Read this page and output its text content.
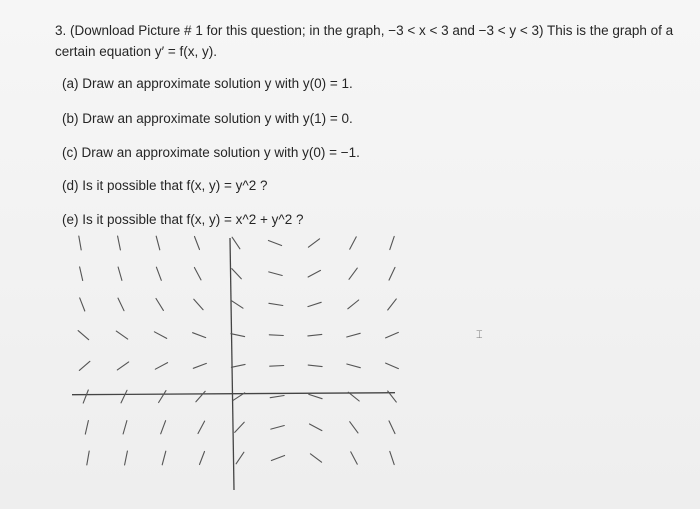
3. (Download Picture # 1 for this question; in the graph, −3 < x < 3 and −3 < y < 3) This is the graph of a
certain equation y′ = f(x, y).
(a) Draw an approximate solution y with y(0) = 1.
(b) Draw an approximate solution y with y(1) = 0.
(c) Draw an approximate solution y with y(0) = −1.
(d) Is it possible that f(x, y) = y^2 ?
(e) Is it possible that f(x, y) = x^2 + y^2 ?
⌶
